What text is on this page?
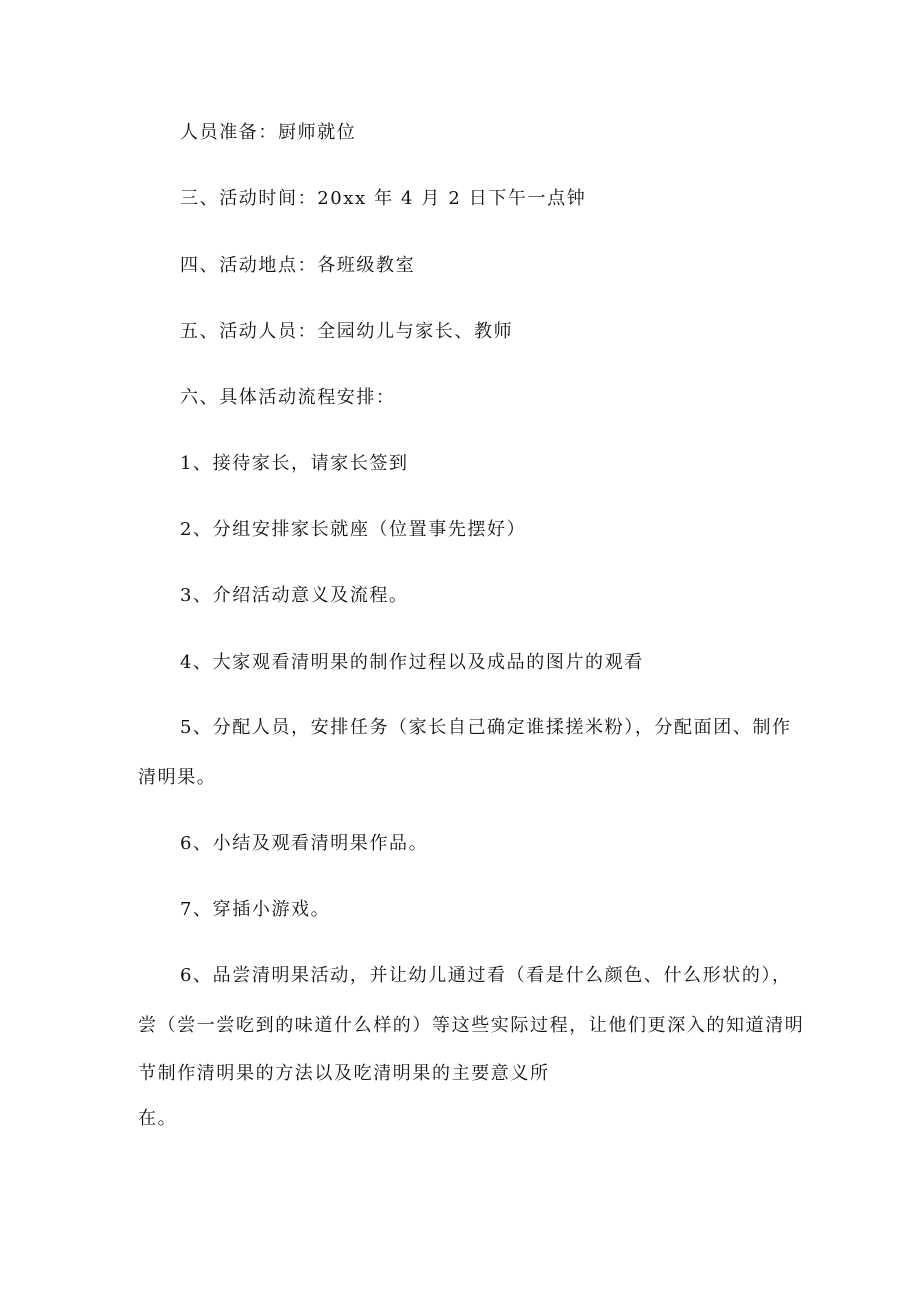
人员准备：厨师就位
三、活动时间：20xx 年 4 月 2 日下午一点钟
四、活动地点：各班级教室
五、活动人员：全园幼儿与家长、教师
六、具体活动流程安排：
1、接待家长，请家长签到
2、分组安排家长就座（位置事先摆好）
3、介绍活动意义及流程。
4、大家观看清明果的制作过程以及成品的图片的观看
5、分配人员，安排任务（家长自己确定谁揉搓米粉），分配面团、制作
清明果。
6、小结及观看清明果作品。
7、穿插小游戏。
6、品尝清明果活动，并让幼儿通过看（看是什么颜色、什么形状的），
尝（尝一尝吃到的味道什么样的）等这些实际过程，让他们更深入的知道清明
节制作清明果的方法以及吃清明果的主要意义所
在。
